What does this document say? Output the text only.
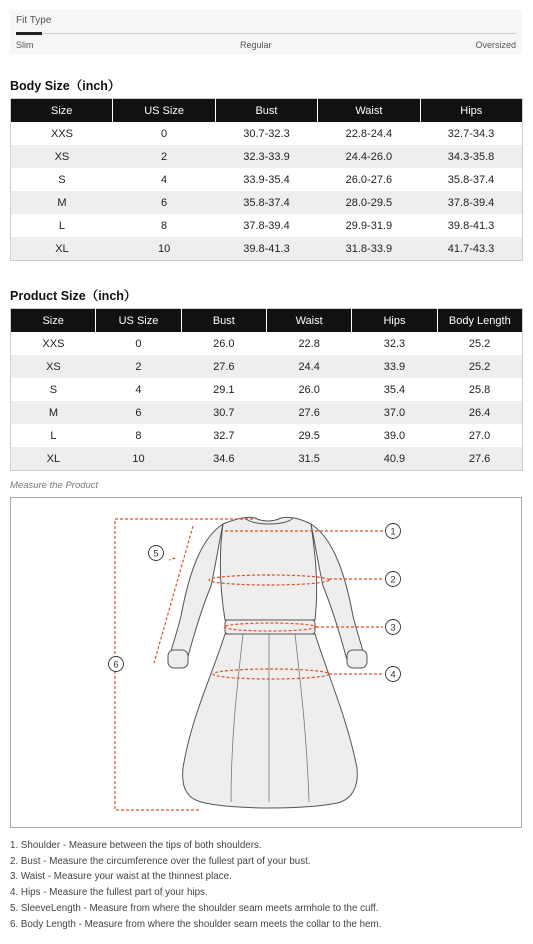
Fit Type
Slim	Regular	Oversized
Body Size（inch）
Size	US Size	Bust	Waist	Hips
XXS	0	30.7-32.3	22.8-24.4	32.7-34.3
XS	2	32.3-33.9	24.4-26.0	34.3-35.8
S	4	33.9-35.4	26.0-27.6	35.8-37.4
M	6	35.8-37.4	28.0-29.5	37.8-39.4
L	8	37.8-39.4	29.9-31.9	39.8-41.3
XL	10	39.8-41.3	31.8-33.9	41.7-43.3
Product Size（inch）
Size	US Size	Bust	Waist	Hips	Body Length
XXS	0	26.0	22.8	32.3	25.2
XS	2	27.6	24.4	33.9	25.2
S	4	29.1	26.0	35.4	25.8
M	6	30.7	27.6	37.0	26.4
L	8	32.7	29.5	39.0	27.0
XL	10	34.6	31.5	40.9	27.6
Measure the Product
1
2
3
4
5
6
1. Shoulder - Measure between the tips of both shoulders.
2. Bust - Measure the circumference over the fullest part of your bust.
3. Waist - Measure your waist at the thinnest place.
4. Hips - Measure the fullest part of your hips.
5. SleeveLength - Measure from where the shoulder seam meets armhole to the cuff.
6. Body Length - Measure from where the shoulder seam meets the collar to the hem.
